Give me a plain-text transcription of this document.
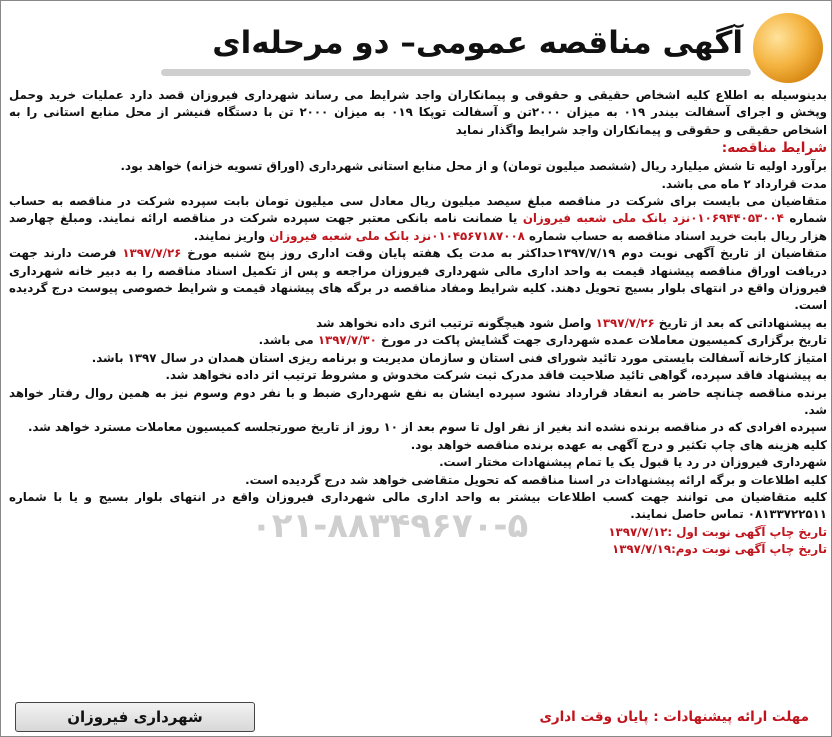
آگهی مناقصه عمومی– دو مرحله‌ای
۰۲۱-۸۸۳۴۹۶۷۰-۵

بدینوسیله به اطلاع کلیه اشخاص حقیقی و حقوقی و پیمانکاران واجد شرایط می رساند شهرداری فیروزان قصد دارد عملیات خرید وحمل وپخش و اجرای آسفالت بیندر ۰۱۹ به میزان ۲۰۰۰تن و آسفالت توپکا ۰۱۹ به میزان ۲۰۰۰ تن با دستگاه فنیشر از محل منابع استانی را به اشخاص حقیقی و حقوقی و پیمانکاران واجد شرایط واگذار نماید

شرایط مناقصه:

برآورد اولیه تا شش میلیارد ریال (ششصد میلیون تومان) و از محل منابع استانی شهرداری (اوراق تسویه خزانه) خواهد بود.

مدت قرارداد ۲ ماه می باشد.

متقاضیان می بایست برای شرکت در مناقصه مبلغ سیصد میلیون ریال معادل سی میلیون تومان بابت سپرده شرکت در مناقصه به حساب شماره ۰۱۰۶۹۴۴۰۵۳۰۰۴نزد بانک ملی شعبه فیروزان یا ضمانت نامه بانکی معتبر جهت سپرده شرکت در مناقصه ارائه نمایند. ومبلغ چهارصد هزار ریال بابت خرید اسناد مناقصه به حساب شماره ۰۱۰۴۵۶۷۱۸۷۰۰۸نزد بانک ملی شعبه فیروزان واریز نمایند.

متقاضیان از تاریخ آگهی نوبت دوم ۱۳۹۷/۷/۱۹حداکثر به مدت یک هفته پایان وقت اداری روز پنج شنبه مورخ ۱۳۹۷/۷/۲۶ فرصت دارند جهت دریافت اوراق مناقصه پیشنهاد قیمت به واحد اداری مالی شهرداری فیروزان مراجعه و پس از تکمیل اسناد مناقصه را به دبیر خانه شهرداری فیروزان واقع در انتهای بلوار بسیج تحویل دهند. کلیه شرایط ومفاد مناقصه در برگه های پیشنهاد قیمت و شرایط خصوصی پیوست درج گردیده است.

به پیشنهاداتی که بعد از تاریخ ۱۳۹۷/۷/۲۶ واصل شود هیچگونه ترتیب اثری داده نخواهد شد

تاریخ برگزاری کمیسیون معاملات عمده شهرداری جهت گشایش پاکت در مورخ ۱۳۹۷/۷/۳۰ می باشد.

امتیاز کارخانه آسفالت بایستی مورد تائید شورای فنی استان و سازمان مدیریت و برنامه ریزی استان همدان در سال ۱۳۹۷ باشد.

به پیشنهاد فاقد سپرده، گواهی تائید صلاحیت فاقد مدرک ثبت شرکت مخدوش و مشروط ترتیب اثر داده نخواهد شد.

برنده مناقصه چنانچه حاضر به انعقاد قرارداد نشود سپرده ایشان به نفع شهرداری ضبط و با نفر دوم وسوم نیز به همین روال رفتار خواهد شد.

سپرده افرادی که در مناقصه برنده نشده اند بغیر از نفر اول تا سوم بعد از ۱۰ روز از تاریخ صورتجلسه کمیسیون معاملات مسترد خواهد شد.

کلیه هزینه های چاپ تکثیر و درج آگهی به عهده برنده مناقصه خواهد بود.

شهرداری فیروزان در رد یا قبول یک یا تمام پیشنهادات مختار است.

کلیه اطلاعات و برگه ارائه پیشنهادات در اسنا مناقصه که تحویل متقاضی خواهد شد درج گردیده است.

کلیه متقاضیان می توانند جهت کسب اطلاعات بیشتر به واحد اداری مالی شهرداری فیروزان واقع در انتهای بلوار بسیج و یا با شماره ۰۸۱۳۳۷۲۲۵۱۱ تماس حاصل نمایند.

تاریخ چاپ آگهی نوبت اول :۱۳۹۷/۷/۱۲

تاریخ چاپ آگهی نوبت دوم:۱۳۹۷/۷/۱۹

مهلت ارائه پیشنهادات : پایان وقت اداری
شهرداری فیروزان
